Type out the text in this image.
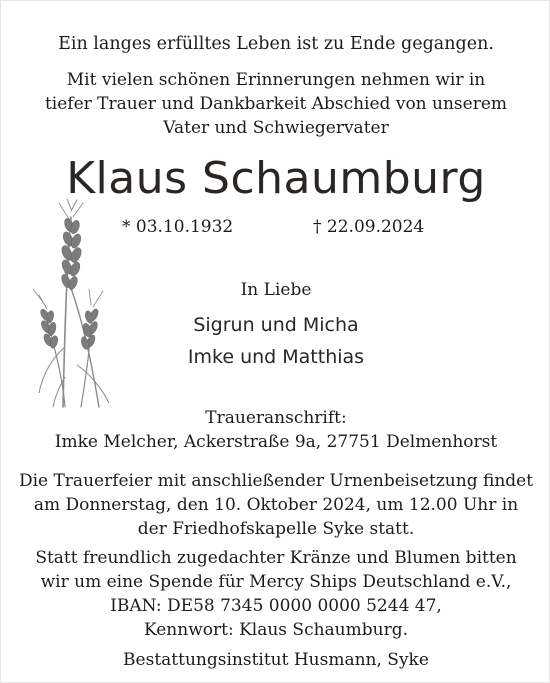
Ein langes erfülltes Leben ist zu Ende gegangen.
Mit vielen schönen Erinnerungen nehmen wir in
tiefer Trauer und Dankbarkeit Abschied von unserem
Vater und Schwiegervater
Klaus Schaumburg
* 03.10.1932	† 22.09.2024
In Liebe
Sigrun und Micha
Imke und Matthias
Traueranschrift:
Imke Melcher, Ackerstraße 9a, 27751 Delmenhorst
Die Trauerfeier mit anschließender Urnenbeisetzung findet
am Donnerstag, den 10. Oktober 2024, um 12.00 Uhr in
der Friedhofskapelle Syke statt.
Statt freundlich zugedachter Kränze und Blumen bitten
wir um eine Spende für Mercy Ships Deutschland e.V.,
IBAN: DE58 7345 0000 0000 5244 47,
Kennwort: Klaus Schaumburg.
Bestattungsinstitut Husmann, Syke
